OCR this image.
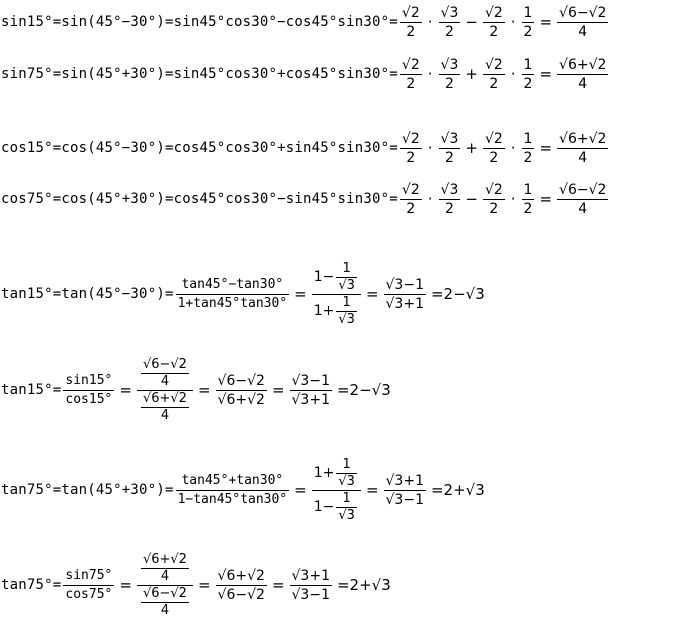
$\sin 15^\circ=\sin(45^\circ-30^\circ)=\sin 45^\circ\cos 30^\circ-\cos 45^\circ\sin 30^\circ= \frac{√2}{2} \cdot \frac{√3}{2} - \frac{√2}{2} \cdot \frac{1}{2} = \frac{√6-√2}{4}$
$\sin 75^\circ=\sin(45^\circ+30^\circ)=\sin 45^\circ\cos 30^\circ+\cos 45^\circ\sin 30^\circ= \frac{√2}{2} \cdot \frac{√3}{2} + \frac{√2}{2} \cdot \frac{1}{2} = \frac{√6+√2}{4}$
$\cos 15^\circ=\cos(45^\circ-30^\circ)=\cos 45^\circ\cos 30^\circ+\sin 45^\circ\sin 30^\circ= \frac{√2}{2} \cdot \frac{√3}{2} + \frac{√2}{2} \cdot \frac{1}{2} = \frac{√6+√2}{4}$
$\cos 75^\circ=\cos(45^\circ+30^\circ)=\cos 45^\circ\cos 30^\circ-\sin 45^\circ\sin 30^\circ= \frac{√2}{2} \cdot \frac{√3}{2} - \frac{√2}{2} \cdot \frac{1}{2} = \frac{√6-√2}{4}$
$\tan 15^\circ=\tan(45^\circ-30^\circ)= \frac{\tan 45^\circ-\tan 30^\circ}{1+\tan 45^\circ\tan 30^\circ} = \frac{1- \frac{1}{√3}}{1+ \frac{1}{√3}} = \frac{√3-1}{√3+1} =2-√3$
$\tan 15^\circ= \frac{\sin 15^\circ}{\cos 15^\circ} = \frac{\frac{√6-√2}{4}}{\frac{√6+√2}{4}} = \frac{√6-√2}{√6+√2} = \frac{√3-1}{√3+1} =2-√3$
$\tan 75^\circ=\tan(45^\circ+30^\circ)= \frac{\tan 45^\circ+\tan 30^\circ}{1-\tan 45^\circ\tan 30^\circ} = \frac{1+ \frac{1}{√3}}{1- \frac{1}{√3}} = \frac{√3+1}{√3-1} =2+√3$
$\tan 75^\circ= \frac{\sin 75^\circ}{\cos 75^\circ} = \frac{\frac{√6+√2}{4}}{\frac{√6-√2}{4}} = \frac{√6+√2}{√6-√2} = \frac{√3+1}{√3-1} =2+√3$
